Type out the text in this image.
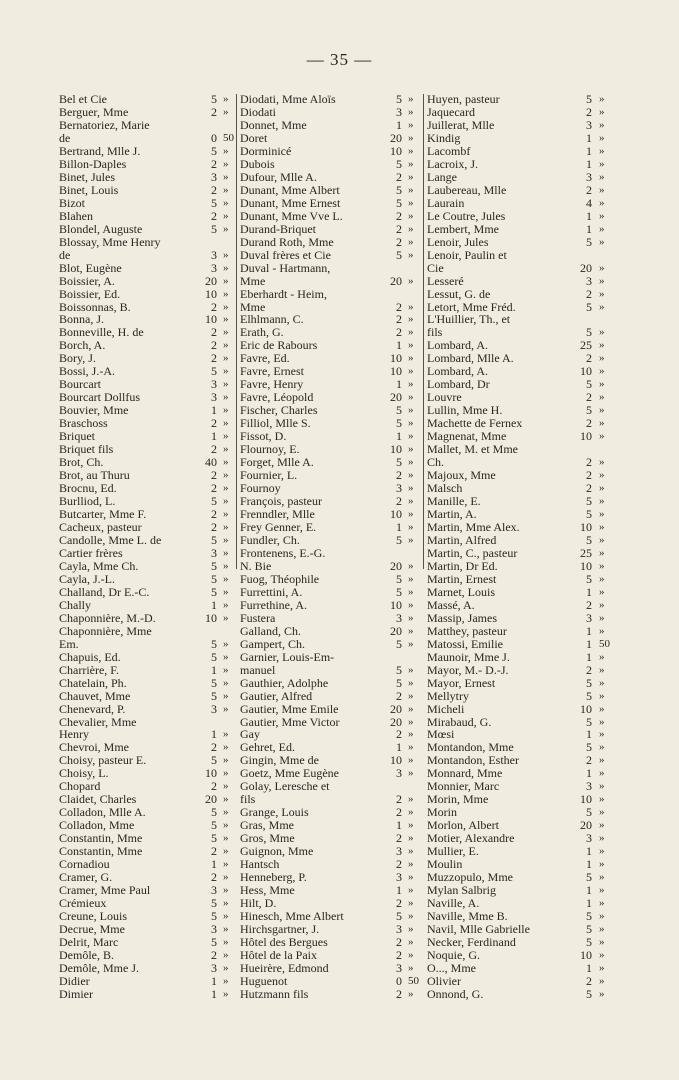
— 35 —
Bel et Cie	5 »
Berguer, Mme	2 »
Bernatoriez, Marie
de	0 50
Bertrand, Mlle J.	5 »
Billon-Daples	2 »
Binet, Jules	3 »
Binet, Louis	2 »
Bizot	5 »
Blahen	2 »
Blondel, Auguste	5 »
Blossay, Mme Henry
de	3 »
Blot, Eugène	3 »
Boissier, A.	20 »
Boissier, Ed.	10 »
Boissonnas, B.	2 »
Bonna, J.	10 »
Bonneville, H. de	2 »
Borch, A.	2 »
Bory, J.	2 »
Bossi, J.-A.	5 »
Bourcart	3 »
Bourcart Dollfus	3 »
Bouvier, Mme	1 »
Braschoss	2 »
Briquet	1 »
Briquet fils	2 »
Brot, Ch.	40 »
Brot, au Thuru	2 »
Brocnu, Ed.	2 »
Burlliod, L.	5 »
Butcarter, Mme F.	2 »
Cacheux, pasteur	2 »
Candolle, Mme L. de	5 »
Cartier frères	3 »
Cayla, Mme Ch.	5 »
Cayla, J.-L.	5 »
Challand, Dr E.-C.	5 »
Chally	1 »
Chaponnière, M.-D.	10 »
Chaponnière, Mme
Em.	5 »
Chapuis, Ed.	5 »
Charrière, F.	1 »
Chatelain, Ph.	5 »
Chauvet, Mme	5 »
Chenevard, P.	3 »
Chevalier, Mme
Henry	1 »
Chevroi, Mme	2 »
Choisy, pasteur E.	5 »
Choisy, L.	10 »
Chopard	2 »
Claidet, Charles	20 »
Colladon, Mlle A.	5 »
Colladon, Mme	5 »
Constantin, Mme	5 »
Constantin, Mme	2 »
Cornadiou	1 »
Cramer, G.	2 »
Cramer, Mme Paul	3 »
Crémieux	5 »
Creune, Louis	5 »
Decrue, Mme	3 »
Delrit, Marc	5 »
Demôle, B.	2 »
Demôle, Mme J.	3 »
Didier	1 »
Dimier	1 »
Diodati, Mme Aloïs	5 »
Diodati	3 »
Donnet, Mme	1 »
Doret	20 »
Dorminicé	10 »
Dubois	5 »
Dufour, Mlle A.	2 »
Dunant, Mme Albert	5 »
Dunant, Mme Ernest	5 »
Dunant, Mme Vve L.	2 »
Durand-Briquet	2 »
Durand Roth, Mme	2 »
Duval frères et Cie	5 »
Duval - Hartmann,
Mme	20 »
Eberhardt - Heim,
Mme	2 »
Elhlmann, C.	2 »
Erath, G.	2 »
Eric de Rabours	1 »
Favre, Ed.	10 »
Favre, Ernest	10 »
Favre, Henry	1 »
Favre, Léopold	20 »
Fischer, Charles	5 »
Filliol, Mlle S.	5 »
Fissot, D.	1 »
Flournoy, E.	10 »
Forget, Mlle A.	5 »
Fournier, L.	2 »
Fournoy	3 »
François, pasteur	2 »
Frenndler, Mlle	10 »
Frey Genner, E.	1 »
Fundler, Ch.	5 »
Frontenens, E.-G.
N. Bie	20 »
Fuog, Théophile	5 »
Furrettini, A.	5 »
Furrethine, A.	10 »
Fustera	3 »
Galland, Ch.	20 »
Gampert, Ch.	5 »
Garnier, Louis-Em-
manuel	5 »
Gauthier, Adolphe	5 »
Gautier, Alfred	2 »
Gautier, Mme Emile	20 »
Gautier, Mme Victor	20 »
Gay	2 »
Gehret, Ed.	1 »
Gingin, Mme de	10 »
Goetz, Mme Eugène	3 »
Golay, Leresche et
fils	2 »
Grange, Louis	2 »
Gras, Mme	1 »
Gros, Mme	2 »
Guignon, Mme	3 »
Hantsch	2 »
Henneberg, P.	3 »
Hess, Mme	1 »
Hilt, D.	2 »
Hinesch, Mme Albert	5 »
Hirchsgartner, J.	3 »
Hôtel des Bergues	2 »
Hôtel de la Paix	2 »
Hueirère, Edmond	3 »
Huguenot	0 50
Hutzmann fils	2 »
Huyen, pasteur	5 »
Jaquecard	2 »
Juillerat, Mlle	3 »
Kindig	1 »
Lacombf	1 »
Lacroix, J.	1 »
Lange	3 »
Laubereau, Mlle	2 »
Laurain	4 »
Le Coutre, Jules	1 »
Lembert, Mme	1 »
Lenoir, Jules	5 »
Lenoir, Paulin et
Cie	20 »
Lesseré	3 »
Lessut, G. de	2 »
Letort, Mme Fréd.	5 »
L'Huillier, Th., et
fils	5 »
Lombard, A.	25 »
Lombard, Mlle A.	2 »
Lombard, A.	10 »
Lombard, Dr	5 »
Louvre	2 »
Lullin, Mme H.	5 »
Machette de Fernex	2 »
Magnenat, Mme	10 »
Mallet, M. et Mme
Ch.	2 »
Majoux, Mme	2 »
Malsch	2 »
Manille, E.	5 »
Martin, A.	5 »
Martin, Mme Alex.	10 »
Martin, Alfred	5 »
Martin, C., pasteur	25 »
Martin, Dr Ed.	10 »
Martin, Ernest	5 »
Marnet, Louis	1 »
Massé, A.	2 »
Massip, James	3 »
Matthey, pasteur	1 »
Matossi, Emilie	1 50
Maunoir, Mme J.	1 »
Mayor, M.- D.-J.	2 »
Mayor, Ernest	5 »
Mellytry	5 »
Micheli	10 »
Mirabaud, G.	5 »
Mœsi	1 »
Montandon, Mme	5 »
Montandon, Esther	2 »
Monnard, Mme	1 »
Monnier, Marc	3 »
Morin, Mme	10 »
Morin	5 »
Morlon, Albert	20 »
Motier, Alexandre	3 »
Mullier, E.	1 »
Moulin	1 »
Muzzopulo, Mme	5 »
Mylan Salbrig	1 »
Naville, A.	1 »
Naville, Mme B.	5 »
Navil, Mlle Gabrielle	5 »
Necker, Ferdinand	5 »
Noquie, G.	10 »
O..., Mme	1 »
Olivier	2 »
Onnond, G.	5 »
